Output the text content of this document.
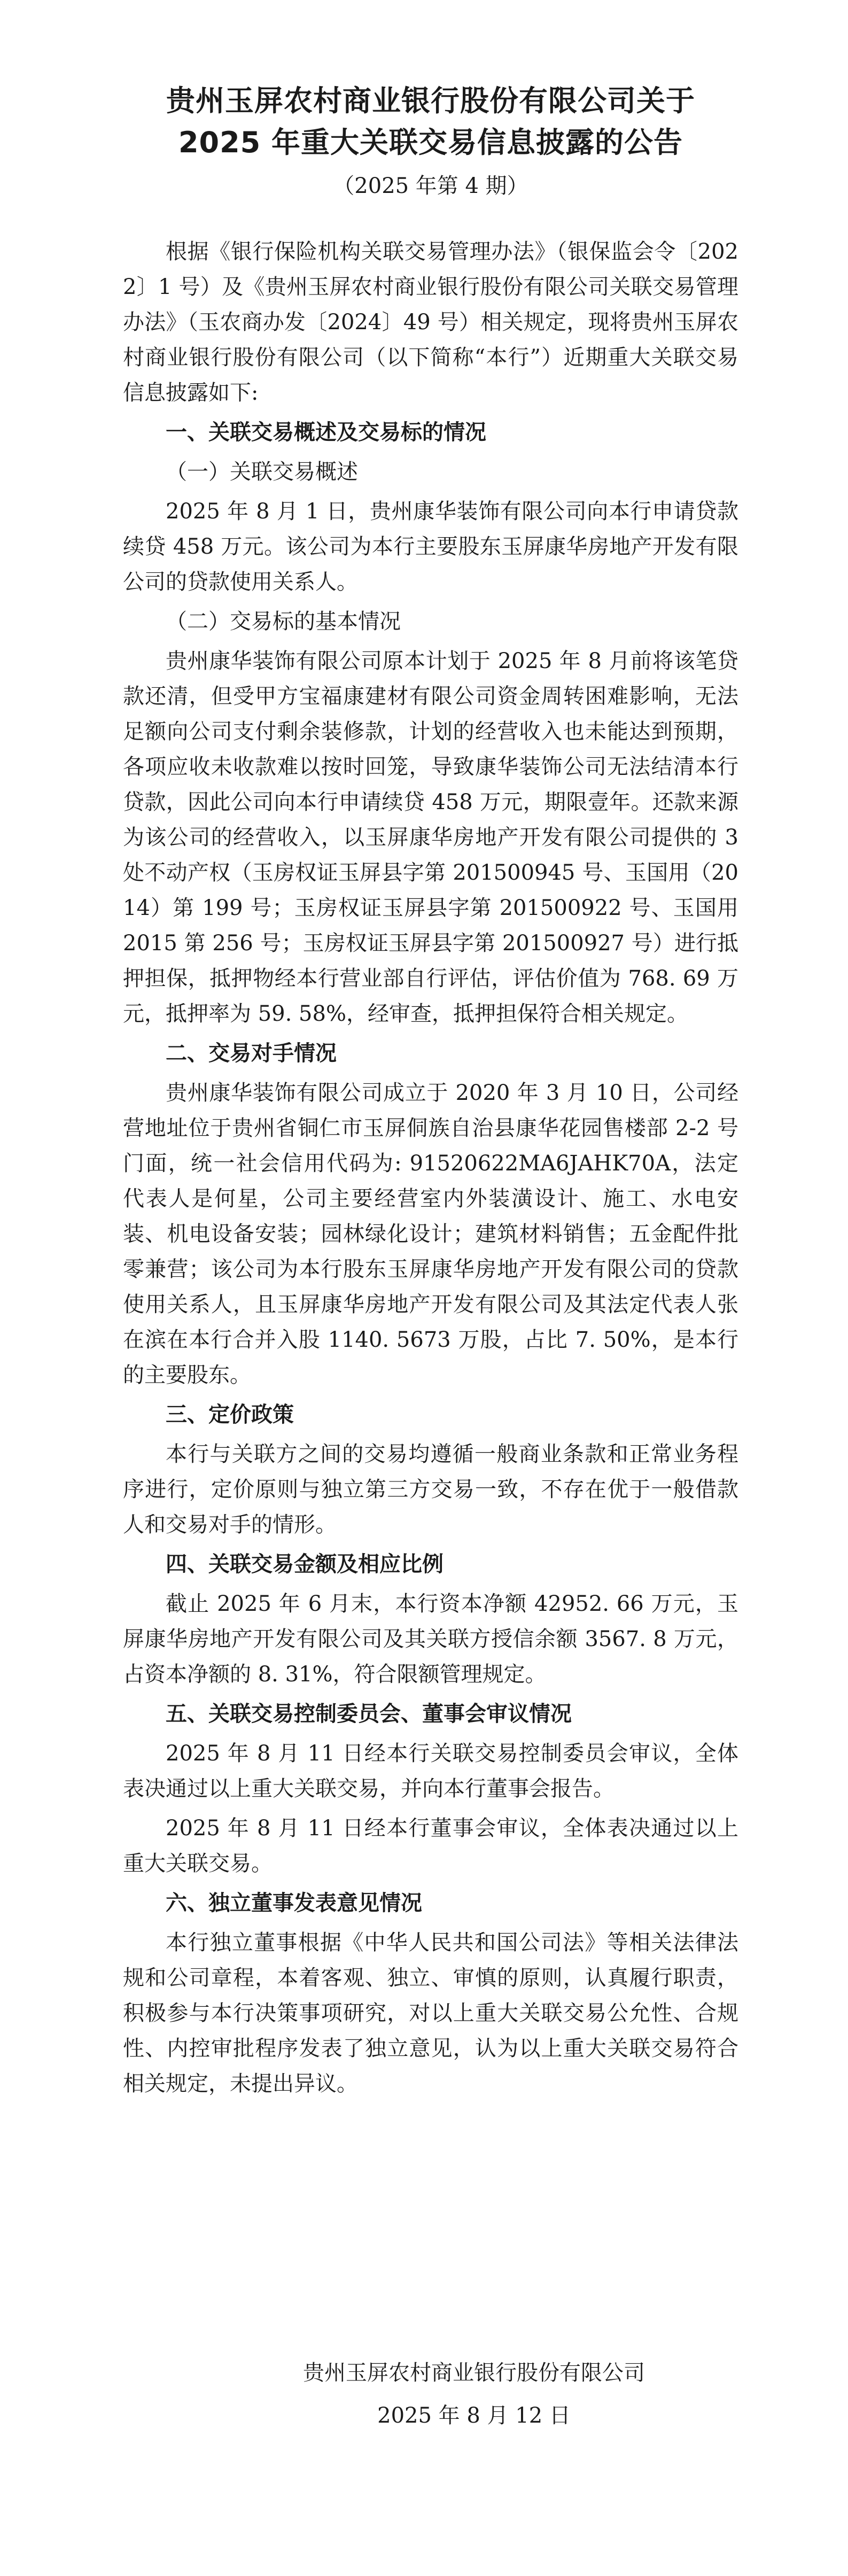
贵州玉屏农村商业银行股份有限公司关于
2025 年重大关联交易信息披露的公告
（2025 年第 4 期）

根据《银行保险机构关联交易管理办法》（银保监会令〔2022〕1 号）及《贵州玉屏农村商业银行股份有限公司关联交易管理办法》（玉农商办发〔2024〕49 号）相关规定，现将贵州玉屏农村商业银行股份有限公司（以下简称“本行”）近期重大关联交易信息披露如下:

一、关联交易概述及交易标的情况
（一）关联交易概述

2025 年 8 月 1 日，贵州康华装饰有限公司向本行申请贷款续贷 458 万元。该公司为本行主要股东玉屏康华房地产开发有限公司的贷款使用关系人。

（二）交易标的基本情况

贵州康华装饰有限公司原本计划于 2025 年 8 月前将该笔贷款还清，但受甲方宝福康建材有限公司资金周转困难影响，无法足额向公司支付剩余装修款，计划的经营收入也未能达到预期，各项应收未收款难以按时回笼，导致康华装饰公司无法结清本行贷款，因此公司向本行申请续贷 458 万元，期限壹年。还款来源为该公司的经营收入，以玉屏康华房地产开发有限公司提供的 3 处不动产权（玉房权证玉屏县字第 201500945 号、玉国用（2014）第 199 号；玉房权证玉屏县字第 201500922 号、玉国用 2015 第 256 号；玉房权证玉屏县字第 201500927 号）进行抵押担保，抵押物经本行营业部自行评估，评估价值为 768. 69 万元，抵押率为 59. 58%，经审查，抵押担保符合相关规定。

二、交易对手情况

贵州康华装饰有限公司成立于 2020 年 3 月 10 日，公司经营地址位于贵州省铜仁市玉屏侗族自治县康华花园售楼部 2-2 号门面，统一社会信用代码为: 91520622MA6JAHK70A，法定代表人是何星，公司主要经营室内外装潢设计、施工、水电安装、机电设备安装；园林绿化设计；建筑材料销售；五金配件批零兼营；该公司为本行股东玉屏康华房地产开发有限公司的贷款使用关系人，且玉屏康华房地产开发有限公司及其法定代表人张在滨在本行合并入股 1140. 5673 万股，占比 7. 50%，是本行的主要股东。

三、定价政策

本行与关联方之间的交易均遵循一般商业条款和正常业务程序进行，定价原则与独立第三方交易一致，不存在优于一般借款人和交易对手的情形。

四、关联交易金额及相应比例

截止 2025 年 6 月末，本行资本净额 42952. 66 万元，玉屏康华房地产开发有限公司及其关联方授信余额 3567. 8 万元，占资本净额的 8. 31%，符合限额管理规定。

五、关联交易控制委员会、董事会审议情况

2025 年 8 月 11 日经本行关联交易控制委员会审议，全体表决通过以上重大关联交易，并向本行董事会报告。

2025 年 8 月 11 日经本行董事会审议，全体表决通过以上重大关联交易。

六、独立董事发表意见情况

本行独立董事根据《中华人民共和国公司法》等相关法律法规和公司章程，本着客观、独立、审慎的原则，认真履行职责，积极参与本行决策事项研究，对以上重大关联交易公允性、合规性、内控审批程序发表了独立意见，认为以上重大关联交易符合相关规定，未提出异议。

贵州玉屏农村商业银行股份有限公司
2025 年 8 月 12 日
